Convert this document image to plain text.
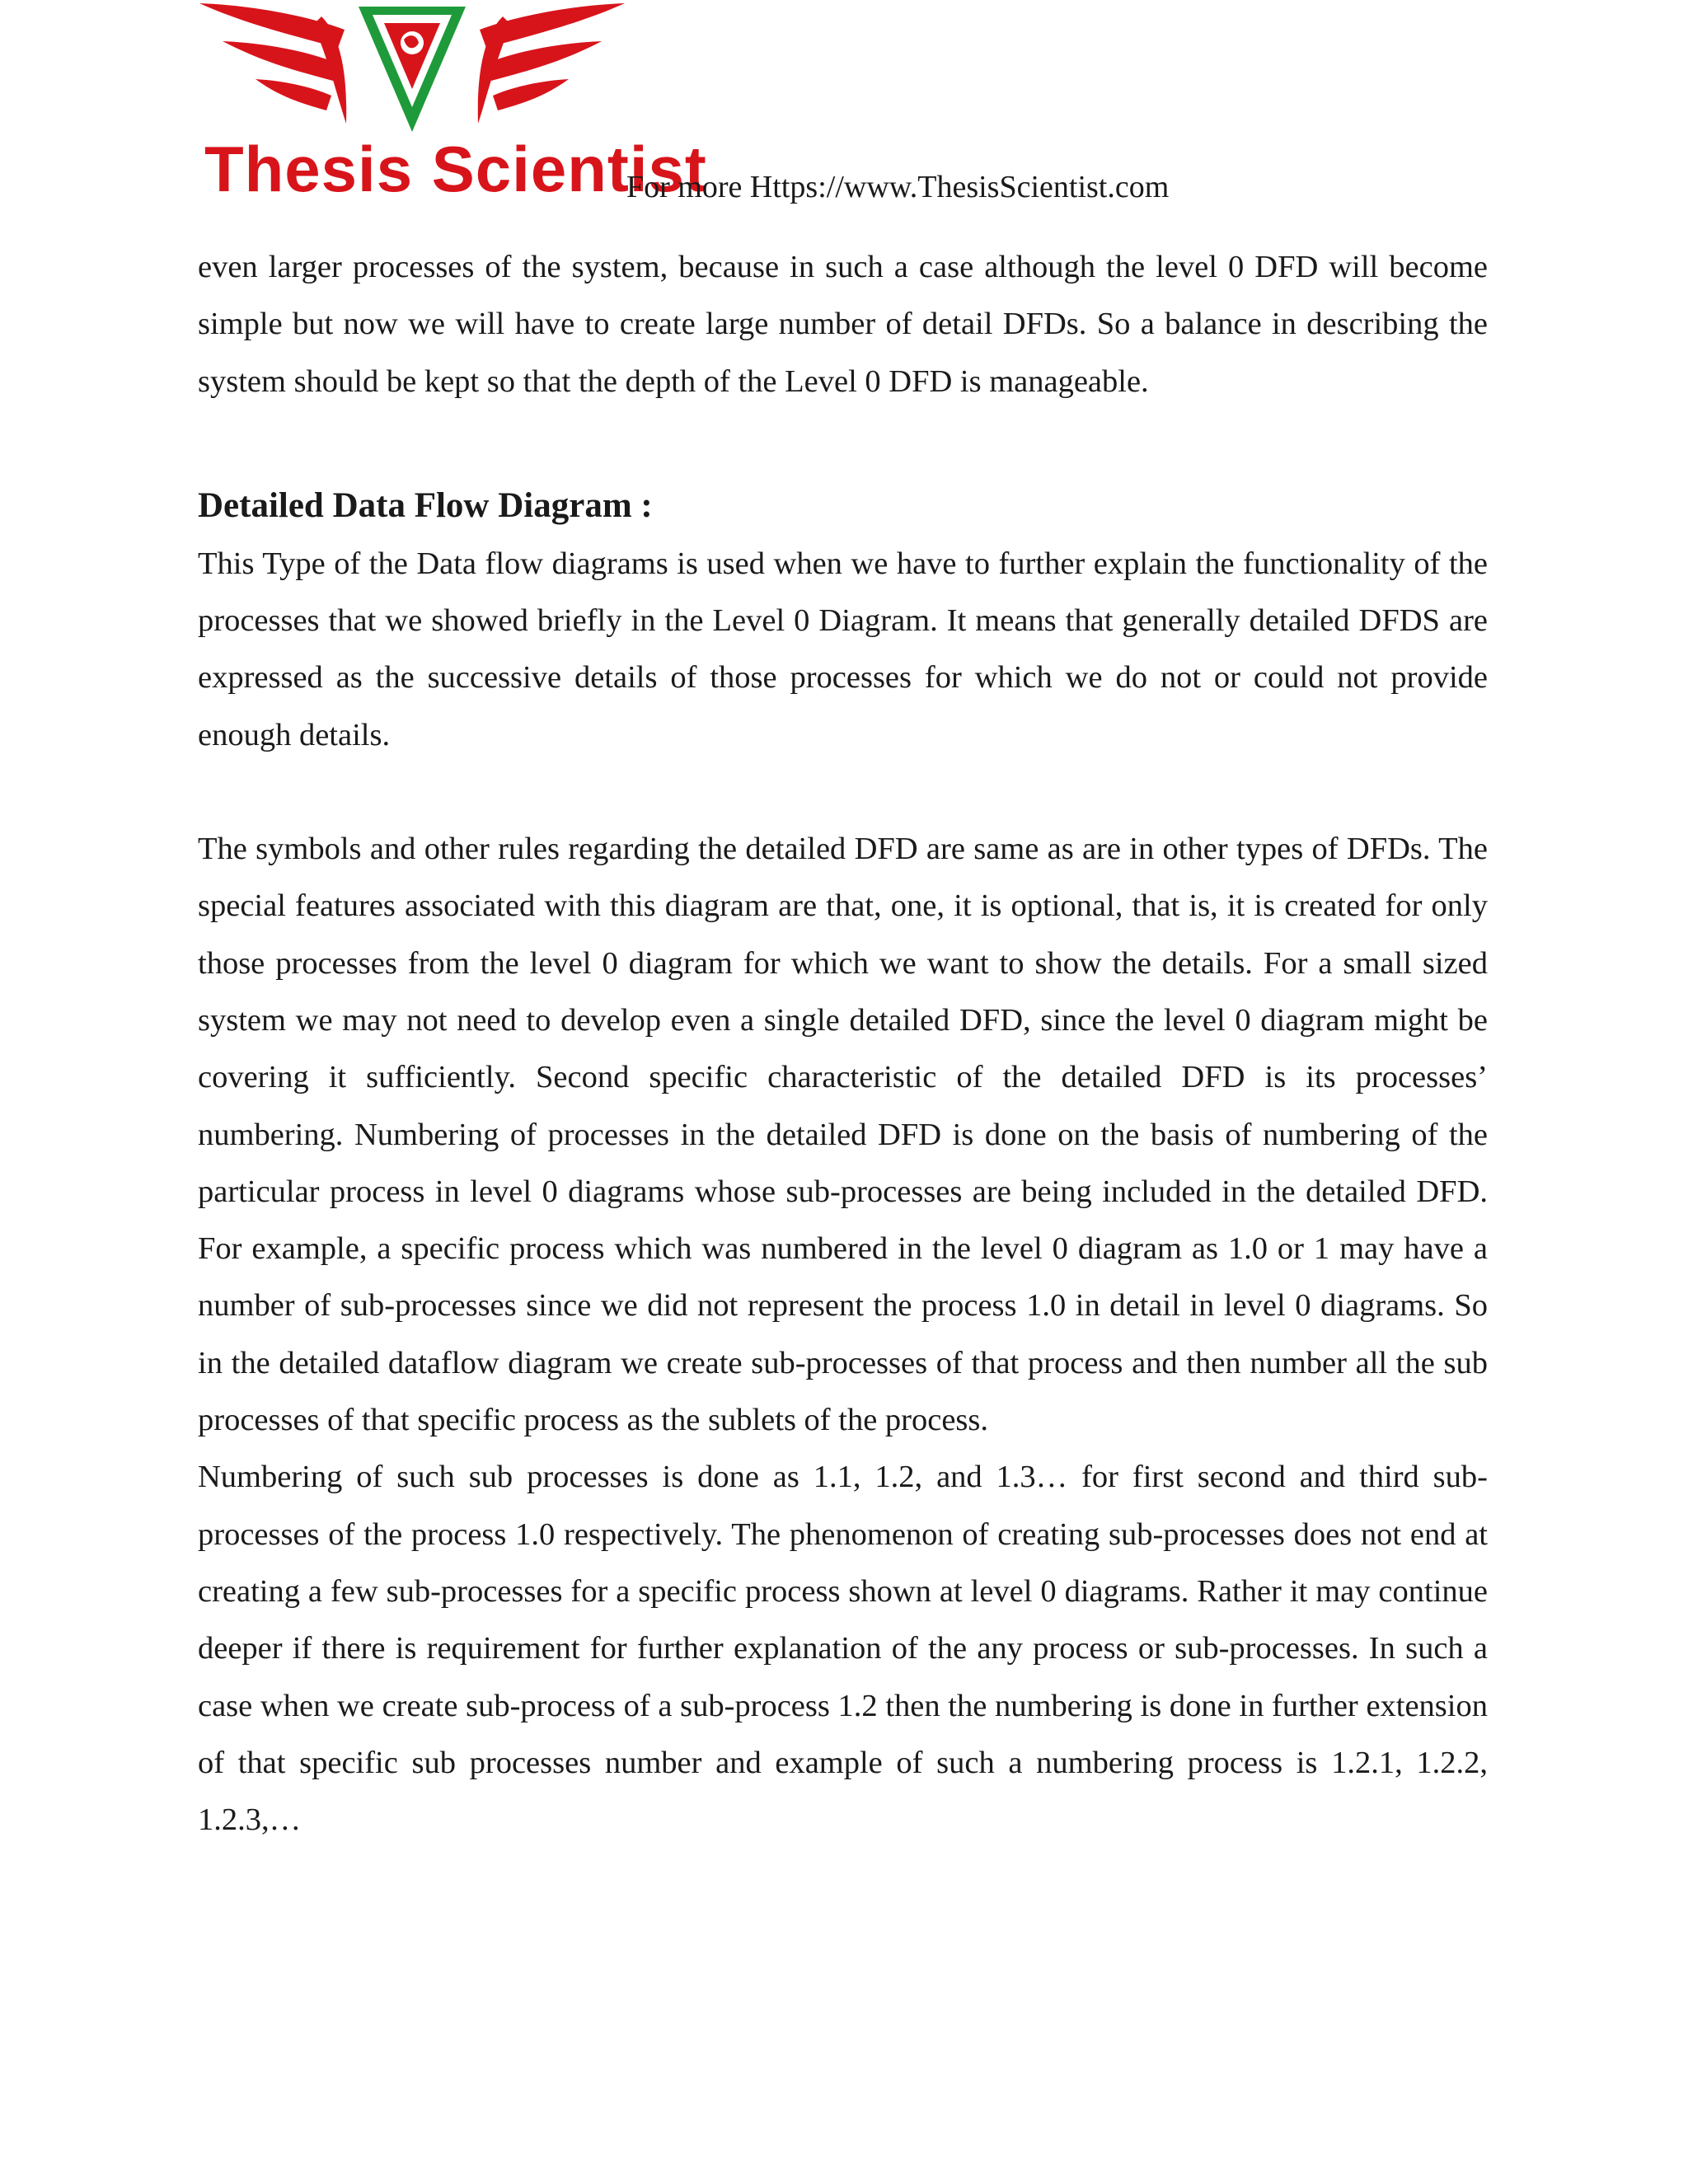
Thesis Scientist
For more Https://www.ThesisScientist.com

even larger processes of the system, because in such a case although the level 0 DFD will become simple but now we will have to create large number of detail DFDs. So a balance in describing the system should be kept so that the depth of the Level 0 DFD is manageable.

Detailed Data Flow Diagram :

This Type of the Data flow diagrams is used when we have to further explain the functionality of the processes that we showed briefly in the Level 0 Diagram. It means that generally detailed DFDS are expressed as the successive details of those processes for which we do not or could not provide enough details.

The symbols and other rules regarding the detailed DFD are same as are in other types of DFDs. The special features associated with this diagram are that, one, it is optional, that is, it is created for only those processes from the level 0 diagram for which we want to show the details. For a small sized system we may not need to develop even a single detailed DFD, since the level 0 diagram might be covering it sufficiently. Second specific characteristic of the detailed DFD is its processes’ numbering. Numbering of processes in the detailed DFD is done on the basis of numbering of the particular process in level 0 diagrams whose sub-processes are being included in the detailed DFD. For example, a specific process which was numbered in the level 0 diagram as 1.0 or 1 may have a number of sub-processes since we did not represent the process 1.0 in detail in level 0 diagrams. So in the detailed dataflow diagram we create sub-processes of that process and then number all the sub processes of that specific process as the sublets of the process.

Numbering of such sub processes is done as 1.1, 1.2, and 1.3… for first second and third sub-processes of the process 1.0 respectively. The phenomenon of creating sub-processes does not end at creating a few sub-processes for a specific process shown at level 0 diagrams. Rather it may continue deeper if there is requirement for further explanation of the any process or sub-processes. In such a case when we create sub-process of a sub-process 1.2 then the numbering is done in further extension of that specific sub processes number and example of such a numbering process is 1.2.1, 1.2.2, 1.2.3,…
